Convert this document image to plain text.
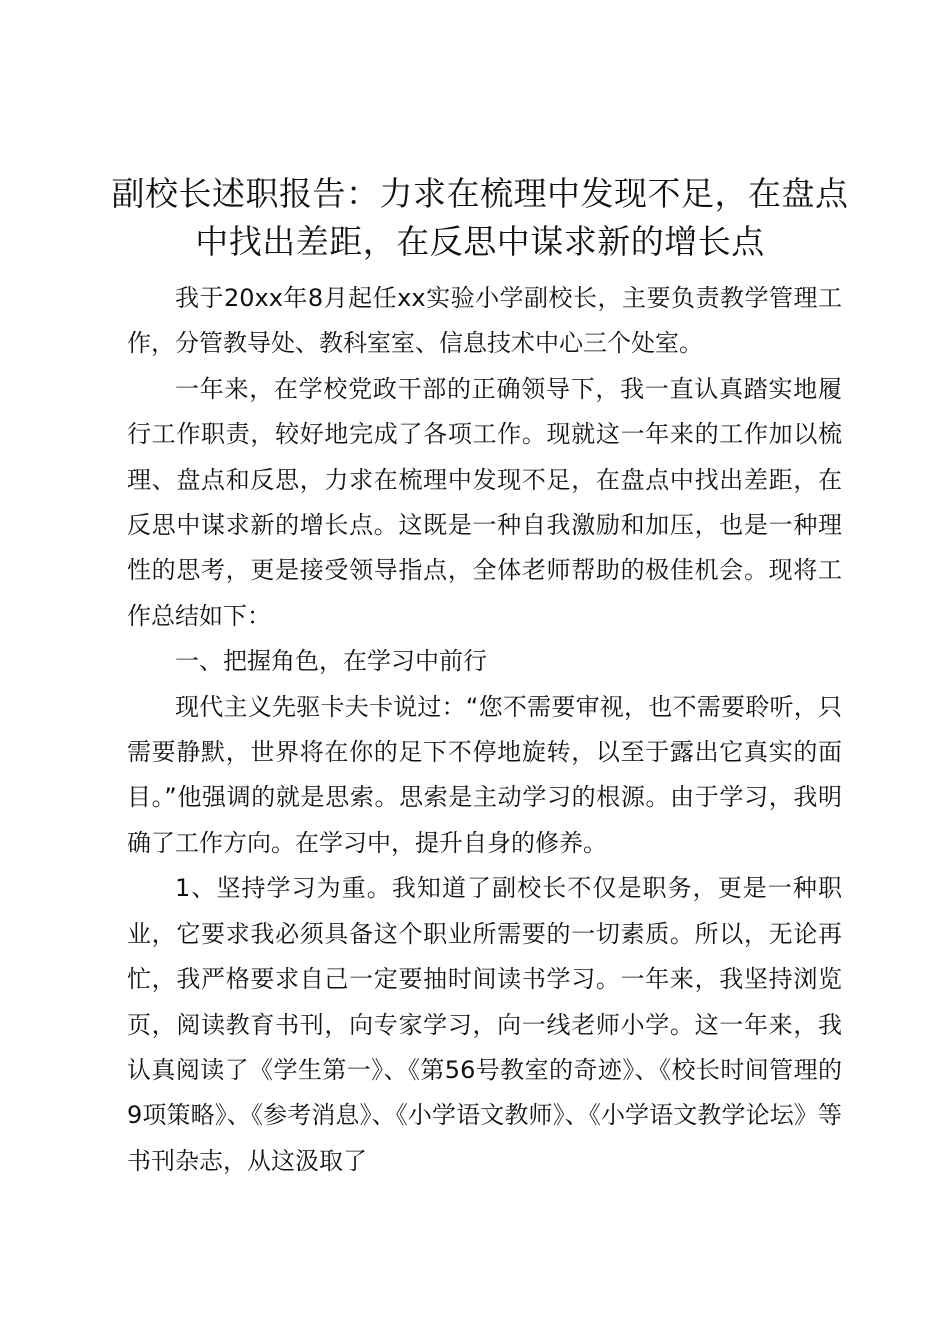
副校长述职报告：力求在梳理中发现不足，在盘点中找出差距，在反思中谋求新的增长点

我于20xx年8月起任xx实验小学副校长，主要负责教学管理工作，分管教导处、教科室室、信息技术中心三个处室。

一年来，在学校党政干部的正确领导下，我一直认真踏实地履行工作职责，较好地完成了各项工作。现就这一年来的工作加以梳理、盘点和反思，力求在梳理中发现不足，在盘点中找出差距，在反思中谋求新的增长点。这既是一种自我激励和加压，也是一种理性的思考，更是接受领导指点，全体老师帮助的极佳机会。现将工作总结如下：

一、把握角色，在学习中前行

现代主义先驱卡夫卡说过：“您不需要审视，也不需要聆听，只需要静默，世界将在你的足下不停地旋转，以至于露出它真实的面目。”他强调的就是思索。思索是主动学习的根源。由于学习，我明确了工作方向。在学习中，提升自身的修养。

1、坚持学习为重。我知道了副校长不仅是职务，更是一种职业，它要求我必须具备这个职业所需要的一切素质。所以，无论再忙，我严格要求自己一定要抽时间读书学习。一年来，我坚持浏览页，阅读教育书刊，向专家学习，向一线老师小学。这一年来，我认真阅读了《学生第一》、《第56号教室的奇迹》、《校长时间管理的9项策略》、《参考消息》、《小学语文教师》、《小学语文教学论坛》等书刊杂志，从这汲取了
